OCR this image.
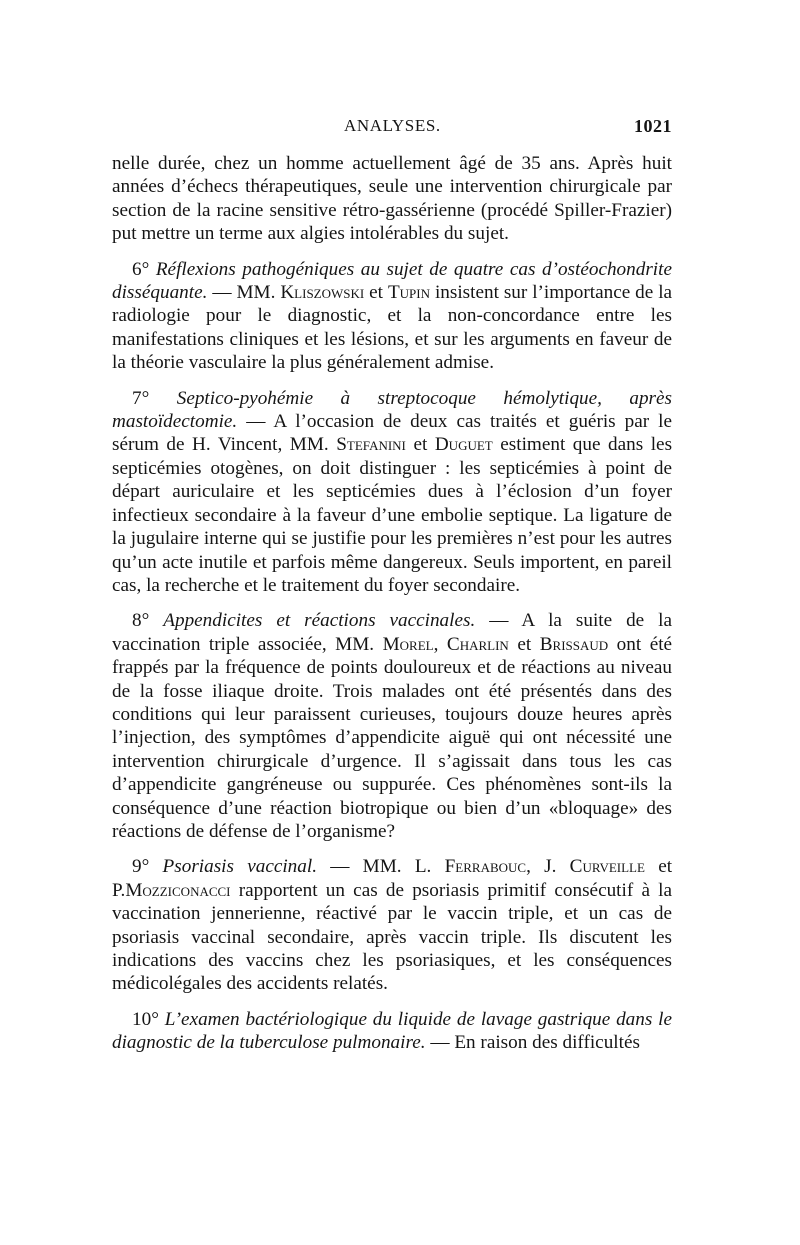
ANALYSES.	1021

nelle durée, chez un homme actuellement âgé de 35 ans. Après huit années d’échecs thérapeutiques, seule une intervention chirurgicale par section de la racine sensitive rétro-gassérienne (procédé Spiller-Frazier) put mettre un terme aux algies intolérables du sujet.

6° Réflexions pathogéniques au sujet de quatre cas d’ostéochondrite disséquante. — MM. Kliszowski et Tupin insistent sur l’importance de la radiologie pour le diagnostic, et la non-concordance entre les manifestations cliniques et les lésions, et sur les arguments en faveur de la théorie vasculaire la plus généralement admise.

7° Septico-pyohémie à streptocoque hémolytique, après mastoïdectomie. — A l’occasion de deux cas traités et guéris par le sérum de H. Vincent, MM. Stefanini et Duguet estiment que dans les septicémies otogènes, on doit distinguer : les septicémies à point de départ auriculaire et les septicémies dues à l’éclosion d’un foyer infectieux secondaire à la faveur d’une embolie septique. La ligature de la jugulaire interne qui se justifie pour les premières n’est pour les autres qu’un acte inutile et parfois même dangereux. Seuls importent, en pareil cas, la recherche et le traitement du foyer secondaire.

8° Appendicites et réactions vaccinales. — A la suite de la vaccination triple associée, MM. Morel, Charlin et Brissaud ont été frappés par la fréquence de points douloureux et de réactions au niveau de la fosse iliaque droite. Trois malades ont été présentés dans des conditions qui leur paraissent curieuses, toujours douze heures après l’injection, des symptômes d’appendicite aiguë qui ont nécessité une intervention chirurgicale d’urgence. Il s’agissait dans tous les cas d’appendicite gangréneuse ou suppurée. Ces phénomènes sont-ils la conséquence d’une réaction biotropique ou bien d’un «bloquage» des réactions de défense de l’organisme?

9° Psoriasis vaccinal. — MM. L. Ferrabouc, J. Curveille et P.Mozziconacci rapportent un cas de psoriasis primitif consécutif à la vaccination jennerienne, réactivé par le vaccin triple, et un cas de psoriasis vaccinal secondaire, après vaccin triple. Ils discutent les indications des vaccins chez les psoriasiques, et les conséquences médicolégales des accidents relatés.

10° L’examen bactériologique du liquide de lavage gastrique dans le diagnostic de la tuberculose pulmonaire. — En raison des difficultés
